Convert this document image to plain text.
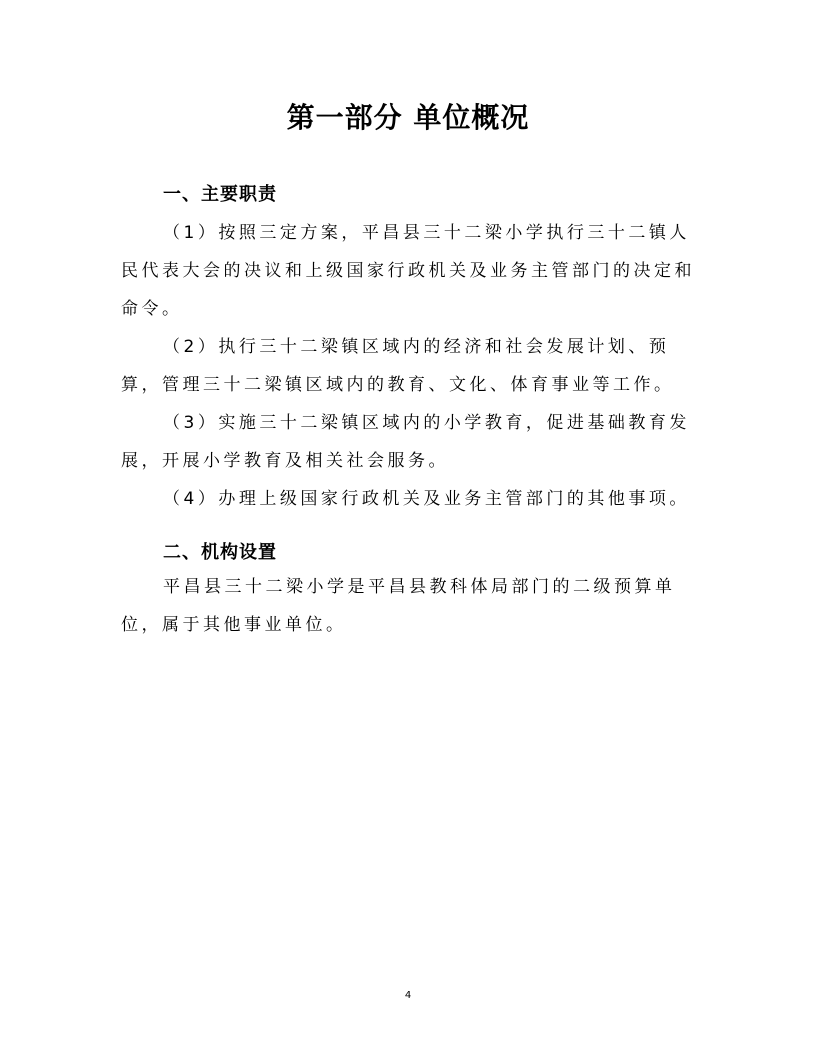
第一部分 单位概况
一、主要职责
（1）按照三定方案，平昌县三十二梁小学执行三十二镇人民代表大会的决议和上级国家行政机关及业务主管部门的决定和命令。
（2）执行三十二梁镇区域内的经济和社会发展计划、预算，管理三十二梁镇区域内的教育、文化、体育事业等工作。
（3）实施三十二梁镇区域内的小学教育，促进基础教育发展，开展小学教育及相关社会服务。
（4）办理上级国家行政机关及业务主管部门的其他事项。
二、机构设置
平昌县三十二梁小学是平昌县教科体局部门的二级预算单位，属于其他事业单位。
4
